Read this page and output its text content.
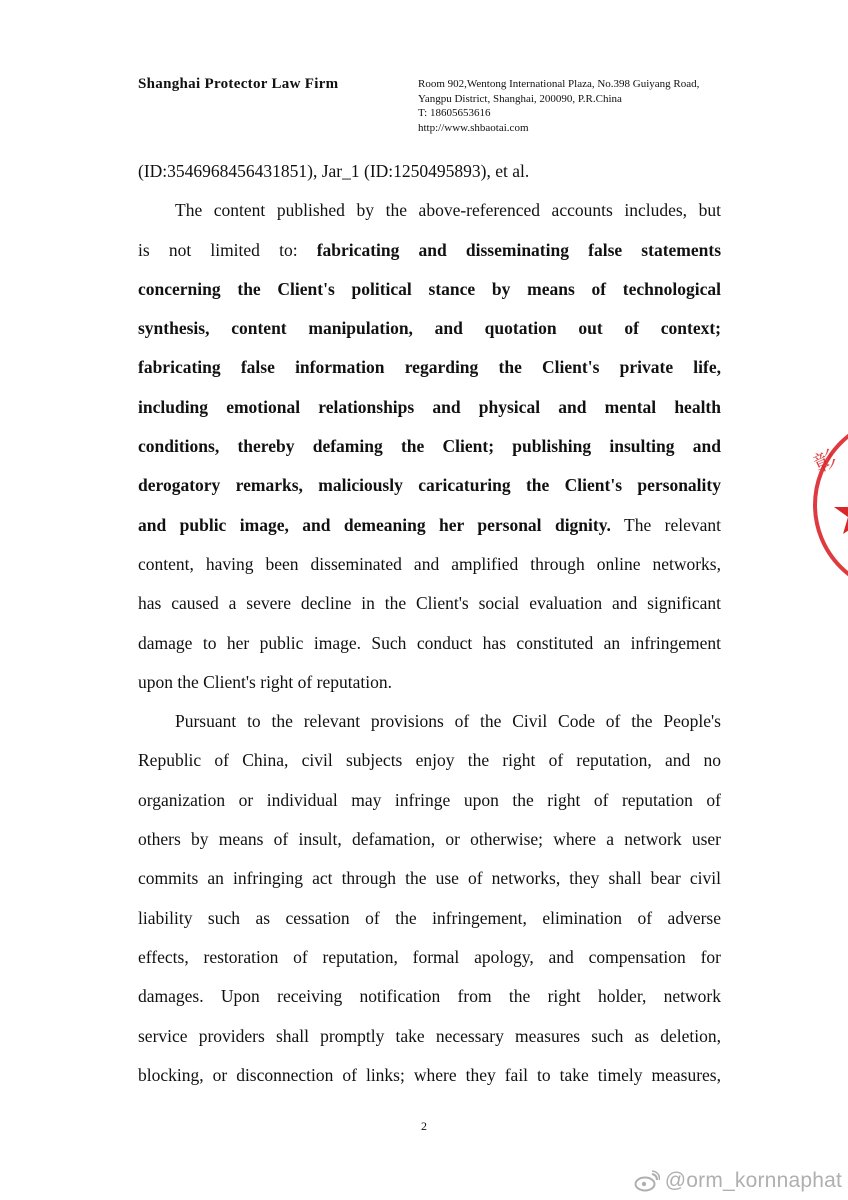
Shanghai Protector Law Firm	Room 902,Wentong International Plaza, No.398 Guiyang Road,
Yangpu District, Shanghai, 200090, P.R.China
T: 18605653616
http://www.shbaotai.com
(ID:3546968456431851), Jar_1 (ID:1250495893), et al.
The content published by the above-referenced accounts includes, but
is not limited to: fabricating and disseminating false statements
concerning the Client's political stance by means of technological
synthesis, content manipulation, and quotation out of context;
fabricating false information regarding the Client's private life,
including emotional relationships and physical and mental health
conditions, thereby defaming the Client; publishing insulting and
derogatory remarks, maliciously caricaturing the Client's personality
and public image, and demeaning her personal dignity. The relevant
content, having been disseminated and amplified through online networks,
has caused a severe decline in the Client's social evaluation and significant
damage to her public image. Such conduct has constituted an infringement
upon the Client's right of reputation.
Pursuant to the relevant provisions of the Civil Code of the People's
Republic of China, civil subjects enjoy the right of reputation, and no
organization or individual may infringe upon the right of reputation of
others by means of insult, defamation, or otherwise; where a network user
commits an infringing act through the use of networks, they shall bear civil
liability such as cessation of the infringement, elimination of adverse
effects, restoration of reputation, formal apology, and compensation for
damages. Upon receiving notification from the right holder, network
service providers shall promptly take necessary measures such as deletion,
blocking, or disconnection of links; where they fail to take timely measures,
2
彰
@orm_kornnaphat
